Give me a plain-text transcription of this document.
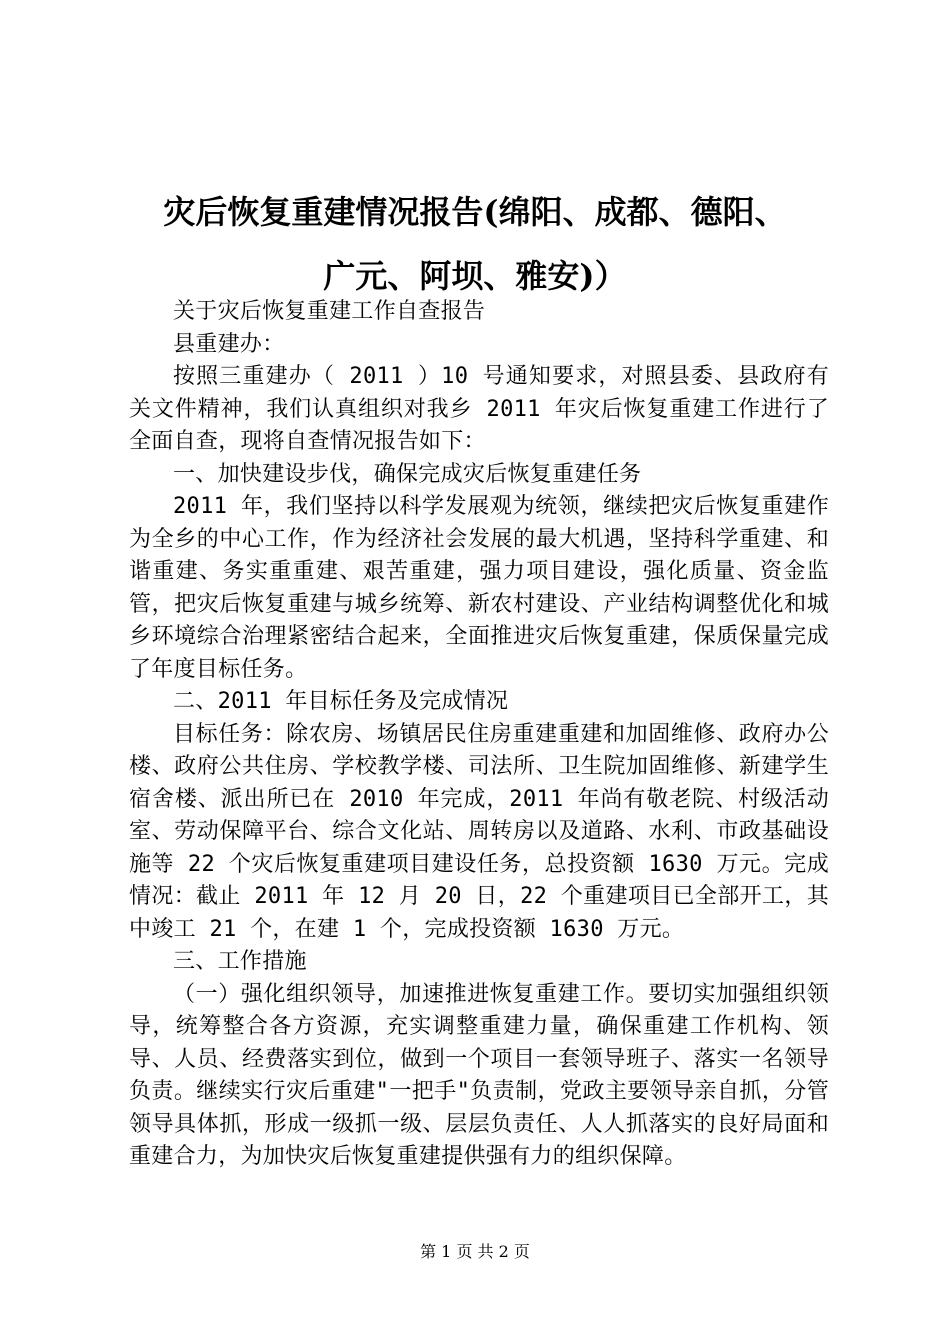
灾后恢复重建情况报告(绵阳、成都、德阳、
广元、阿坝、雅安)）

关于灾后恢复重建工作自查报告

县重建办：

按照三重建办（ 2011 ）10 号通知要求，对照县委、县政府有关文件精神，我们认真组织对我乡 2011 年灾后恢复重建工作进行了全面自查，现将自查情况报告如下：

一、加快建设步伐，确保完成灾后恢复重建任务

2011 年，我们坚持以科学发展观为统领，继续把灾后恢复重建作为全乡的中心工作，作为经济社会发展的最大机遇，坚持科学重建、和谐重建、务实重重建、艰苦重建，强力项目建设，强化质量、资金监管，把灾后恢复重建与城乡统筹、新农村建设、产业结构调整优化和城乡环境综合治理紧密结合起来，全面推进灾后恢复重建，保质保量完成了年度目标任务。

二、2011 年目标任务及完成情况

目标任务：除农房、场镇居民住房重建重建和加固维修、政府办公楼、政府公共住房、学校教学楼、司法所、卫生院加固维修、新建学生宿舍楼、派出所已在 2010 年完成，2011 年尚有敬老院、村级活动室、劳动保障平台、综合文化站、周转房以及道路、水利、市政基础设施等 22 个灾后恢复重建项目建设任务，总投资额 1630 万元。完成情况：截止 2011 年 12 月 20 日，22 个重建项目已全部开工，其中竣工 21 个，在建 1 个，完成投资额 1630 万元。

三、工作措施

（一）强化组织领导，加速推进恢复重建工作。要切实加强组织领导，统筹整合各方资源，充实调整重建力量，确保重建工作机构、领导、人员、经费落实到位，做到一个项目一套领导班子、落实一名领导负责。继续实行灾后重建"一把手"负责制，党政主要领导亲自抓，分管领导具体抓，形成一级抓一级、层层负责任、人人抓落实的良好局面和重建合力，为加快灾后恢复重建提供强有力的组织保障。

第 1 页 共 2 页
